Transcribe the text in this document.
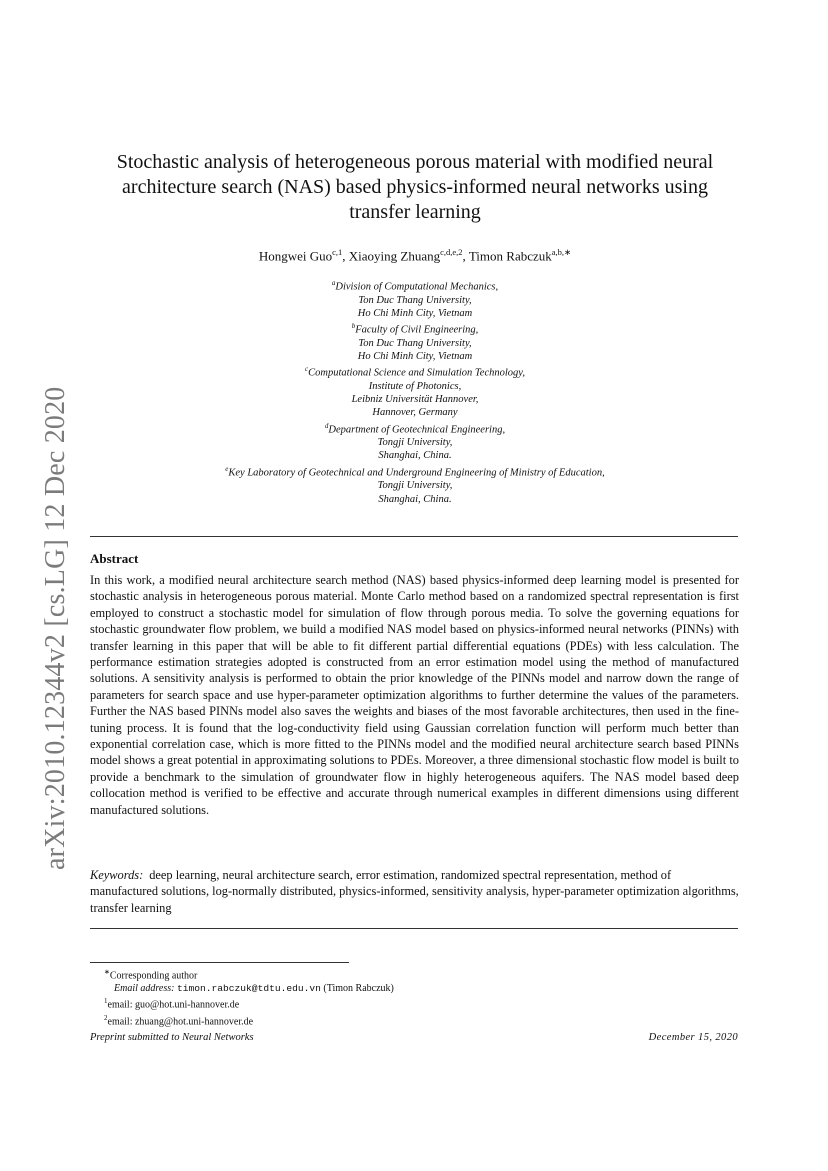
arXiv:2010.12344v2 [cs.LG] 12 Dec 2020
Stochastic analysis of heterogeneous porous material with modified neural architecture search (NAS) based physics-informed neural networks using transfer learning
Hongwei Guo$^{c,1}$, Xiaoying Zhuang$^{c,d,e,2}$, Timon Rabczuk$^{a,b,∗}$
$^a$Division of Computational Mechanics,
Ton Duc Thang University,
Ho Chi Minh City, Vietnam
$^b$Faculty of Civil Engineering,
Ton Duc Thang University,
Ho Chi Minh City, Vietnam
$^c$Computational Science and Simulation Technology,
Institute of Photonics,
Leibniz Universität Hannover,
Hannover, Germany
$^d$Department of Geotechnical Engineering,
Tongji University,
Shanghai, China.
$^e$Key Laboratory of Geotechnical and Underground Engineering of Ministry of Education,
Tongji University,
Shanghai, China.
Abstract

In this work, a modified neural architecture search method (NAS) based physics-informed deep learning model is presented for stochastic analysis in heterogeneous porous material. Monte Carlo method based on a randomized spectral representation is first employed to construct a stochastic model for simulation of flow through porous media. To solve the governing equations for stochastic groundwater flow problem, we build a modified NAS model based on physics-informed neural networks (PINNs) with transfer learning in this paper that will be able to fit different partial differential equations (PDEs) with less calculation. The performance estimation strategies adopted is constructed from an error estimation model using the method of manufactured solutions. A sensitivity analysis is performed to obtain the prior knowledge of the PINNs model and narrow down the range of parameters for search space and use hyper-parameter optimization algorithms to further determine the values of the parameters. Further the NAS based PINNs model also saves the weights and biases of the most favorable architectures, then used in the fine-tuning process. It is found that the log-conductivity field using Gaussian correlation function will perform much better than exponential correlation case, which is more fitted to the PINNs model and the modified neural architecture search based PINNs model shows a great potential in approximating solutions to PDEs. Moreover, a three dimensional stochastic flow model is built to provide a benchmark to the simulation of groundwater flow in highly heterogeneous aquifers. The NAS model based deep collocation method is verified to be effective and accurate through numerical examples in different dimensions using different manufactured solutions.

Keywords: deep learning, neural architecture search, error estimation, randomized spectral representation, method of manufactured solutions, log-normally distributed, physics-informed, sensitivity analysis, hyper-parameter optimization algorithms, transfer learning

∗Corresponding author
Email address: timon.rabczuk@tdtu.edu.vn (Timon Rabczuk)
$^1$email: guo@hot.uni-hannover.de
$^2$email: zhuang@hot.uni-hannover.de
Preprint submitted to Neural Networks	December 15, 2020
